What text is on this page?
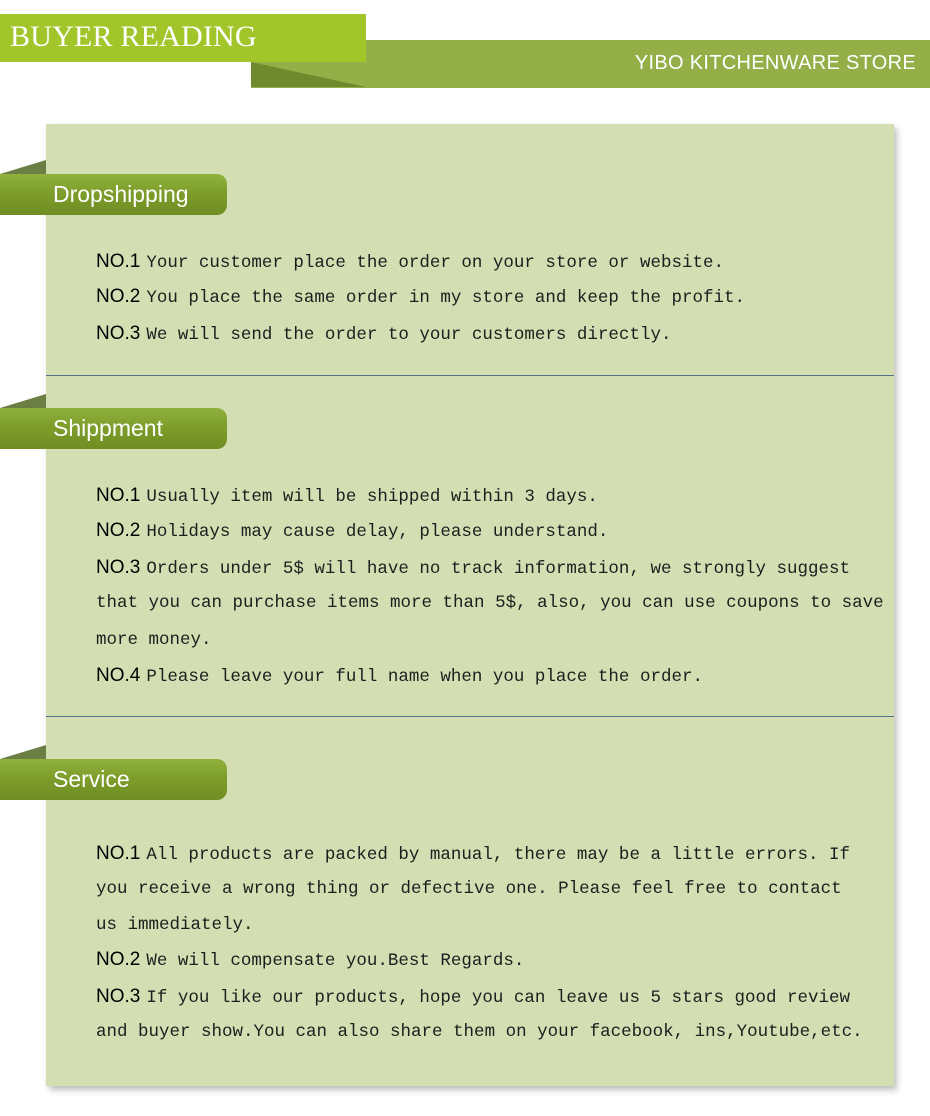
YIBO KITCHENWARE STORE
BUYER READING
Dropshipping
NO.1 Your customer place the order on your store or website.
NO.2 You place the same order in my store and keep the profit.
NO.3 We will send the order to your customers directly.
Shippment
NO.1 Usually item will be shipped within 3 days.
NO.2 Holidays may cause delay, please understand.
NO.3 Orders under 5$ will have no track information, we strongly suggest
that you can purchase items more than 5$, also, you can use coupons to save
more money.
NO.4 Please leave your full name when you place the order.
Service
NO.1 All products are packed by manual, there may be a little errors. If
you receive a wrong thing or defective one. Please feel free to contact
us immediately.
NO.2 We will compensate you.Best Regards.
NO.3 If you like our products, hope you can leave us 5 stars good review
and buyer show.You can also share them on your facebook, ins,Youtube,etc.
